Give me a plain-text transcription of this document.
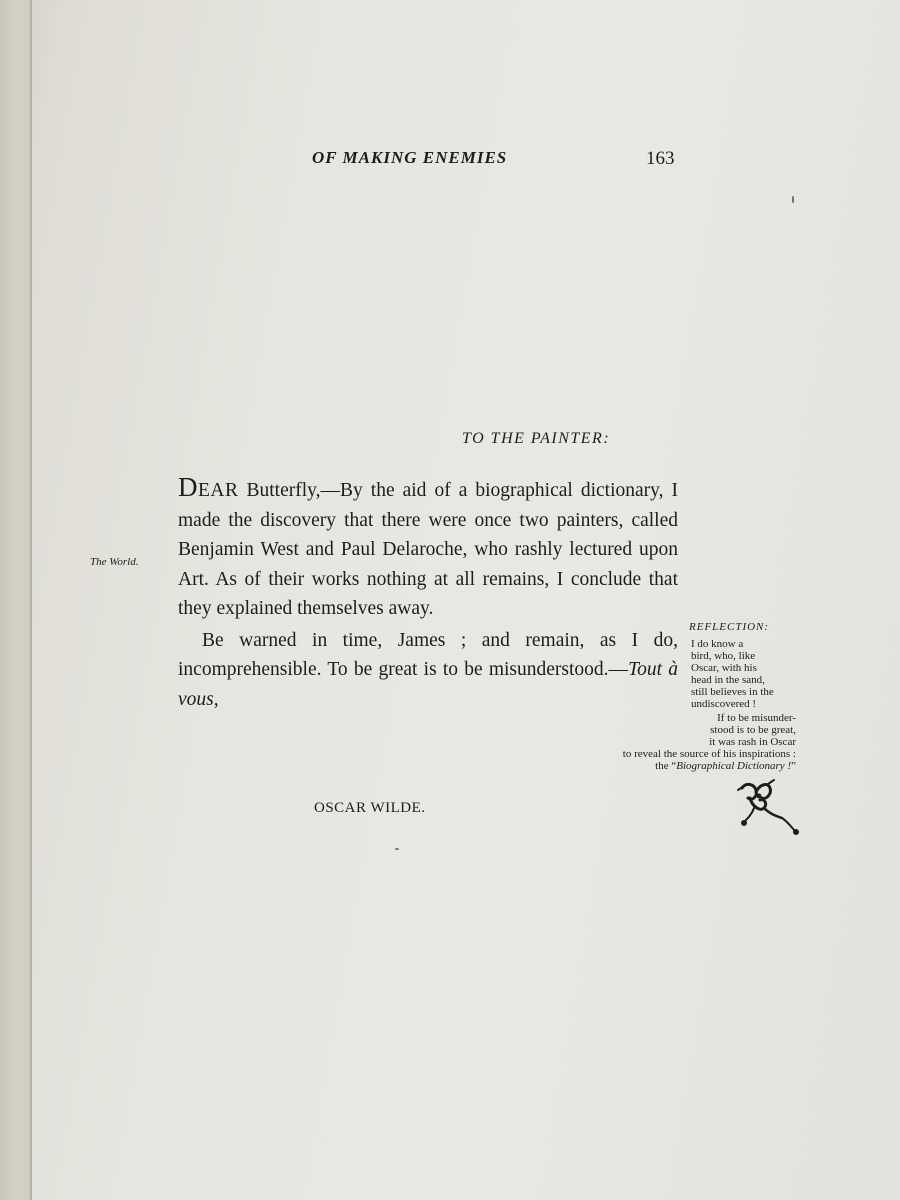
OF MAKING ENEMIES	163
TO THE PAINTER:
The World.

DEAR Butterfly,—By the aid of a biographical dictionary, I made the discovery that there were once two painters, called Benjamin West and Paul Delaroche, who rashly lectured upon Art. As of their works nothing at all remains, I conclude that they explained themselves away.

Be warned in time, James ; and remain, as I do, incomprehensible. To be great is to be misunderstood.—Tout à vous,

OSCAR WILDE.
REFLECTION:
I do know a
bird, who, like
Oscar, with his
head in the sand,
still believes in the
undiscovered !
If to be misunder-
stood is to be great,
it was rash in Oscar
to reveal the source of his inspirations :
the “Biographical Dictionary !”
